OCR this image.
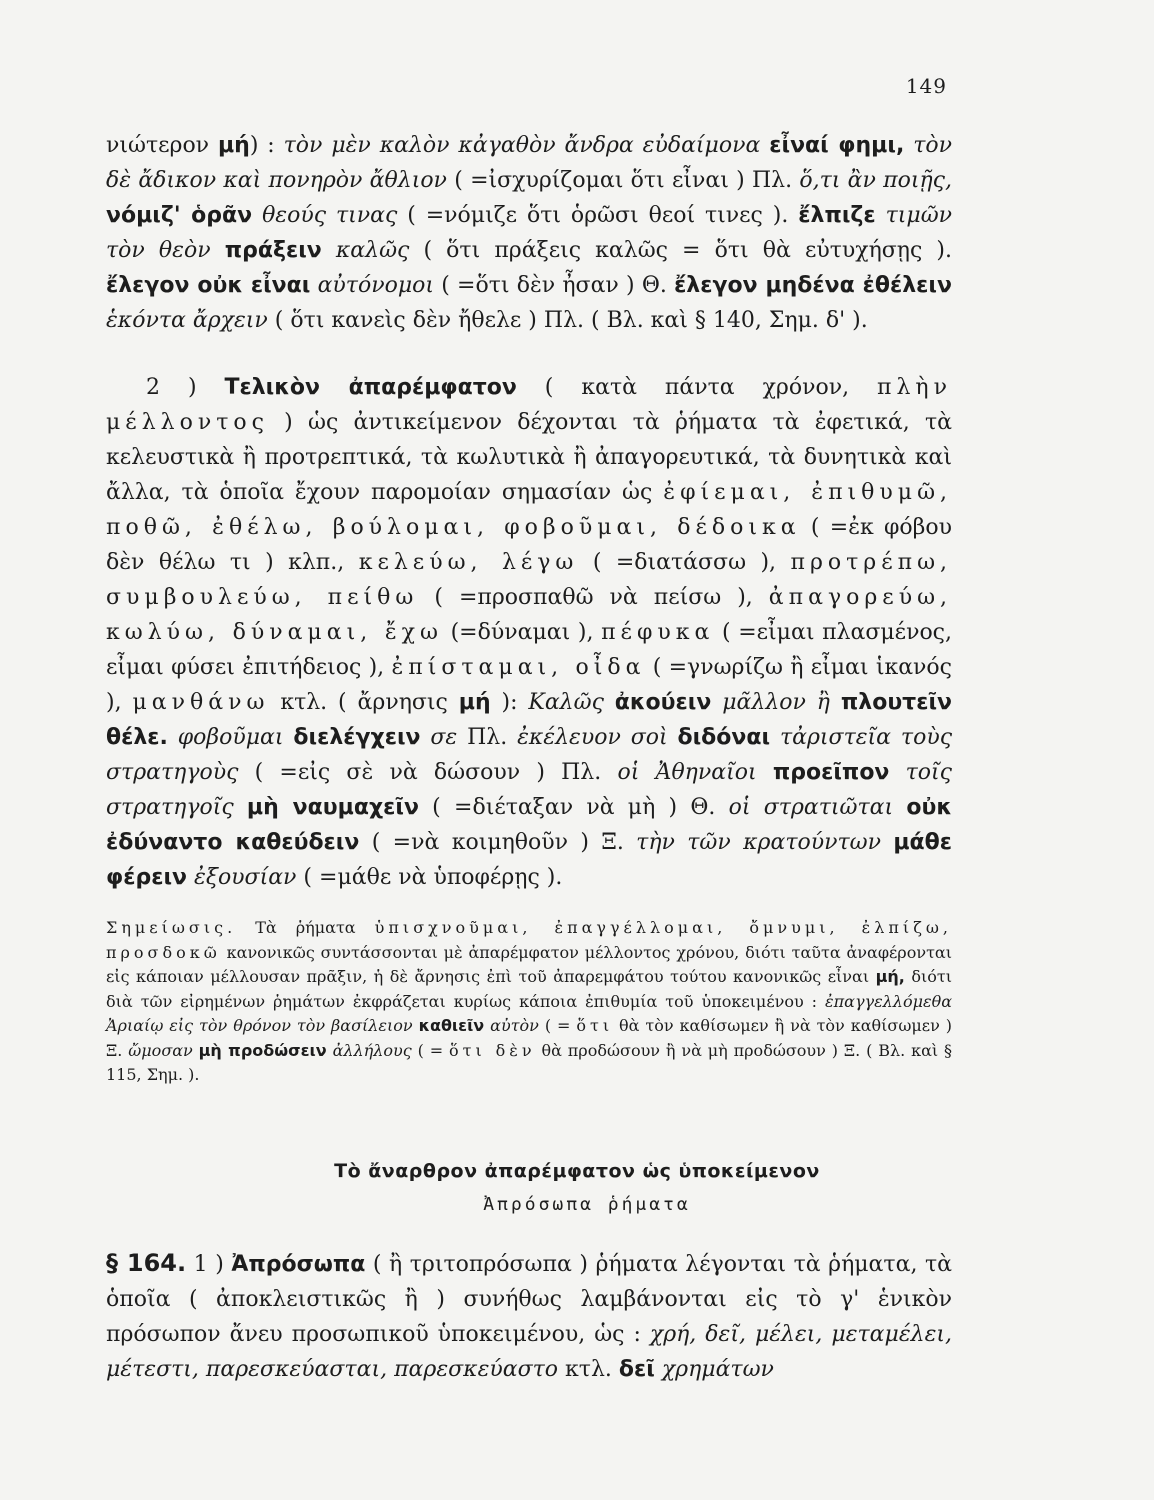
149
νιώτερον μή) : τὸν μὲν καλὸν κἀγαθὸν ἄνδρα εὐδαίμονα εἶναί φημι, τὸν δὲ ἄδικον καὶ πονηρὸν ἄθλιον ( =ἰσχυρίζομαι ὅτι εἶναι ) Πλ. ὅ,τι ἂν ποιῇς, νόμιζ' ὁρᾶν θεούς τινας ( =νόμιζε ὅτι ὁρῶσι θεοί τινες ). ἔλπιζε τιμῶν τὸν θεὸν πράξειν καλῶς ( ὅτι πράξεις καλῶς = ὅτι θὰ εὐτυχήσῃς ). ἔλεγον οὐκ εἶναι αὐτόνομοι ( =ὅτι δὲν ἦσαν ) Θ. ἔλεγον μηδένα ἐθέλειν ἑκόντα ἄρχειν ( ὅτι κανεὶς δὲν ἤθελε ) Πλ. ( Βλ. καὶ § 140, Σημ. δ' ).
2 ) Τελικὸν ἀπαρέμφατον ( κατὰ πάντα χρόνον, πλὴν μέλλοντος ) ὡς ἀντικείμενον δέχονται τὰ ῥήματα τὰ ἐφετικά, τὰ κελευστικὰ ἢ προτρεπτικά, τὰ κωλυτικὰ ἢ ἀπαγορευτικά, τὰ δυνητικὰ καὶ ἄλλα, τὰ ὁποῖα ἔχουν παρομοίαν σημασίαν ὡς ἐφίεμαι, ἐπιθυμῶ, ποθῶ, ἐθέλω, βούλομαι, φοβοῦμαι, δέδοικα ( =ἐκ φόβου δὲν θέλω τι ) κλπ., κελεύω, λέγω ( =διατάσσω ), προτρέπω, συμβουλεύω, πείθω ( =προσπαθῶ νὰ πείσω ), ἀπαγορεύω, κωλύω, δύναμαι, ἔχω (=δύναμαι ), πέφυκα ( =εἶμαι πλασμένος, εἶμαι φύσει ἐπιτήδειος ), ἐπίσταμαι, οἶδα ( =γνωρίζω ἢ εἶμαι ἱκανός ), μανθάνω κτλ. ( ἄρνησις μή ): Καλῶς ἀκούειν μᾶλλον ἢ πλουτεῖν θέλε. φοβοῦμαι διελέγχειν σε Πλ. ἐκέλευον σοὶ διδόναι τἀριστεῖα τοὺς στρατηγοὺς ( =εἰς σὲ νὰ δώσουν ) Πλ. οἱ Ἀθηναῖοι προεῖπον τοῖς στρατηγοῖς μὴ ναυμαχεῖν ( =διέταξαν νὰ μὴ ) Θ. οἱ στρατιῶται οὐκ ἐδύναντο καθεύδειν ( =νὰ κοιμηθοῦν ) Ξ. τὴν τῶν κρατούντων μάθε φέρειν ἐξουσίαν ( =μάθε νὰ ὑποφέρῃς ).
Σημείωσις. Τὰ ῥήματα ὑπισχνοῦμαι, ἐπαγγέλλομαι, ὄμνυμι, ἐλπίζω, προσδοκῶ κανονικῶς συντάσσονται μὲ ἀπαρέμφατον μέλλοντος χρόνου, διότι ταῦτα ἀναφέρονται εἰς κάποιαν μέλλουσαν πρᾶξιν, ἡ δὲ ἄρνησις ἐπὶ τοῦ ἀπαρεμφάτου τούτου κανονικῶς εἶναι μή, διότι διὰ τῶν εἰρημένων ῥημάτων ἐκφράζεται κυρίως κάποια ἐπιθυμία τοῦ ὑποκειμένου : ἐπαγγελλόμεθα Ἀριαίῳ εἰς τὸν θρόνον τὸν βασίλειον καθιεῖν αὐτὸν ( = ὅτι θὰ τὸν καθίσωμεν ἢ νὰ τὸν καθίσωμεν ) Ξ. ὤμοσαν μὴ προδώσειν ἀλλήλους ( = ὅτι δὲν θὰ προδώσουν ἢ νὰ μὴ προδώσουν ) Ξ. ( Βλ. καὶ § 115, Σημ. ).
Τὸ ἄναρθρον ἀπαρέμφατον ὡς ὑποκείμενον
Ἀπρόσωπα ῥήματα
§ 164. 1 ) Ἀπρόσωπα ( ἢ τριτοπρόσωπα ) ῥήματα λέγονται τὰ ῥήματα, τὰ ὁποῖα ( ἀποκλειστικῶς ἢ ) συνήθως λαμβάνονται εἰς τὸ γ' ἑνικὸν πρόσωπον ἄνευ προσωπικοῦ ὑποκειμένου, ὡς : χρή, δεῖ, μέλει, μεταμέλει, μέτεστι, παρεσκεύασται, παρεσκεύαστο κτλ. δεῖ χρημάτων
